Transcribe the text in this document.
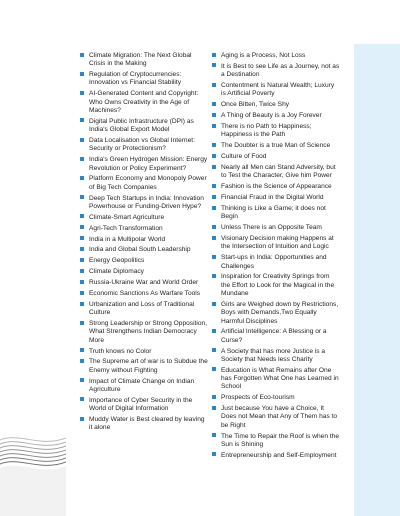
Climate Migration: The Next Global Crisis in the Making
Regulation of Cryptocurrencies: Innovation vs Financial Stability
AI-Generated Content and Copyright: Who Owns Creativity in the Age of Machines?
Digital Public Infrastructure (DPI) as India's Global Export Model
Data Localisation vs Global Internet: Security or Protectionism?
India's Green Hydrogen Mission: Energy Revolution or Policy Experiment?
Platform Economy and Monopoly Power of Big Tech Companies
Deep Tech Startups in India: Innovation Powerhouse or Funding-Driven Hype?
Climate-Smart Agriculture
Agri-Tech Transformation
India in a Multipolar World
India and Global South Leadership
Energy Geopolitics
Climate Diplomacy
Russia-Ukraine War and World Order
Economic Sanctions As Warfare Tools
Urbanization and Loss of Traditional Culture
Strong Leadership or Strong Opposition, What Strengthens Indian Democracy More
Truth knows no Color
The Supreme art of war is to Subdue the Enemy without Fighting
Impact of Climate Change on Indian Agriculture
Importance of Cyber Security in the World of Digital Information
Muddy Water is Best cleared by leaving it alone
Aging is a Process, Not Loss
It is Best to see Life as a Journey, not as a Destination
Contentment is Natural Wealth; Luxury is Artificial Poverty
Once Bitten, Twice Shy
A Thing of Beauty is a Joy Forever
There is no Path to Happiness; Happiness is the Path
The Doubter is a true Man of Science
Culture of Food
Nearly all Men can Stand Adversity, but to Test the Character, Give him Power
Fashion is the Science of Appearance
Financial Fraud in the Digital World
Thinking is Like a Game; it does not Begin
Unless There is an Opposite Team
Visionary Decision making Happens at the Intersection of Intuition and Logic
Start-ups in India: Opportunities and Challenges
Inspiration for Creativity Springs from the Effort to Look for the Magical in the Mundane
Girls are Weighed down by Restrictions, Boys with Demands,Two Equally Harmful Disciplines
Artificial Intelligence: A Blessing or a Curse?
A Society that has more Justice is a Society that Needs less Charity
Education is What Remains after One has Forgotten What One has Learned in School
Prospects of Eco-tourism
Just because You have a Choice, It Does not Mean that Any of Them has to be Right
The Time to Repair the Roof is when the Sun is Shining
Entrepreneurship and Self-Employment
